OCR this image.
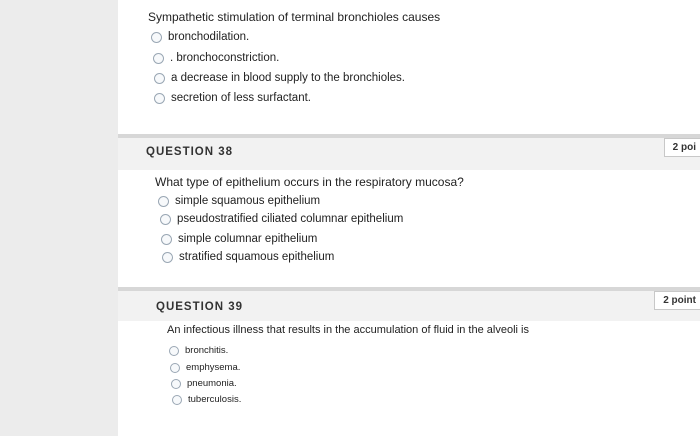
Sympathetic stimulation of terminal bronchioles causes
bronchodilation.
. bronchoconstriction.
a decrease in blood supply to the bronchioles.
secretion of less surfactant.
QUESTION 38	2 poi
What type of epithelium occurs in the respiratory mucosa?
simple squamous epithelium
pseudostratified ciliated columnar epithelium
simple columnar epithelium
stratified squamous epithelium
QUESTION 39
2 point
An infectious illness that results in the accumulation of fluid in the alveoli is
bronchitis.
emphysema.
pneumonia.
tuberculosis.
